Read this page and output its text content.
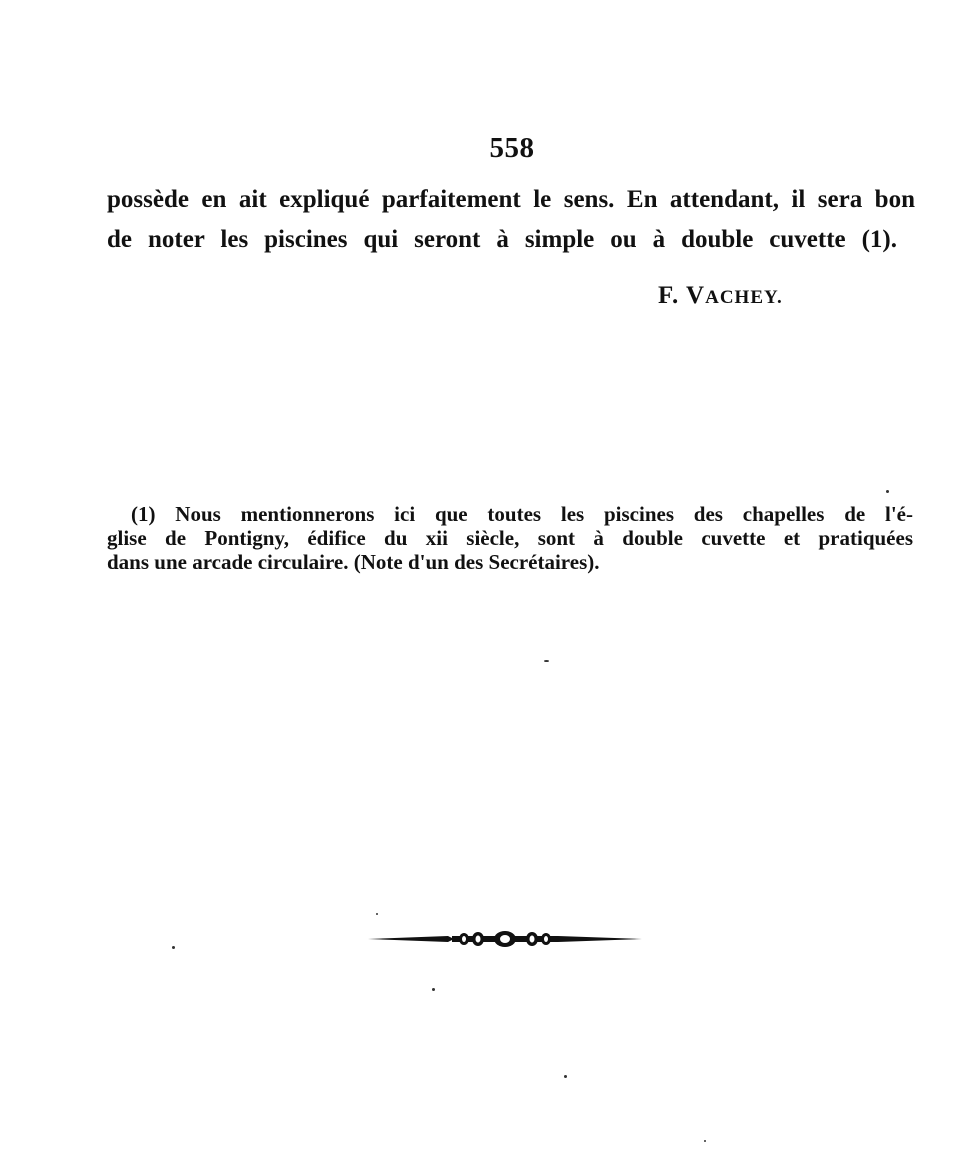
558
possède en ait expliqué parfaitement le sens. En attendant, il sera bon
de noter les piscines qui seront à simple ou à double cuvette (1).
F. VACHEY.
(1) Nous mentionnerons ici que toutes les piscines des chapelles de l'é-
glise de Pontigny, édifice du xii siècle, sont à double cuvette et pratiquées
dans une arcade circulaire. (Note d'un des Secrétaires).
